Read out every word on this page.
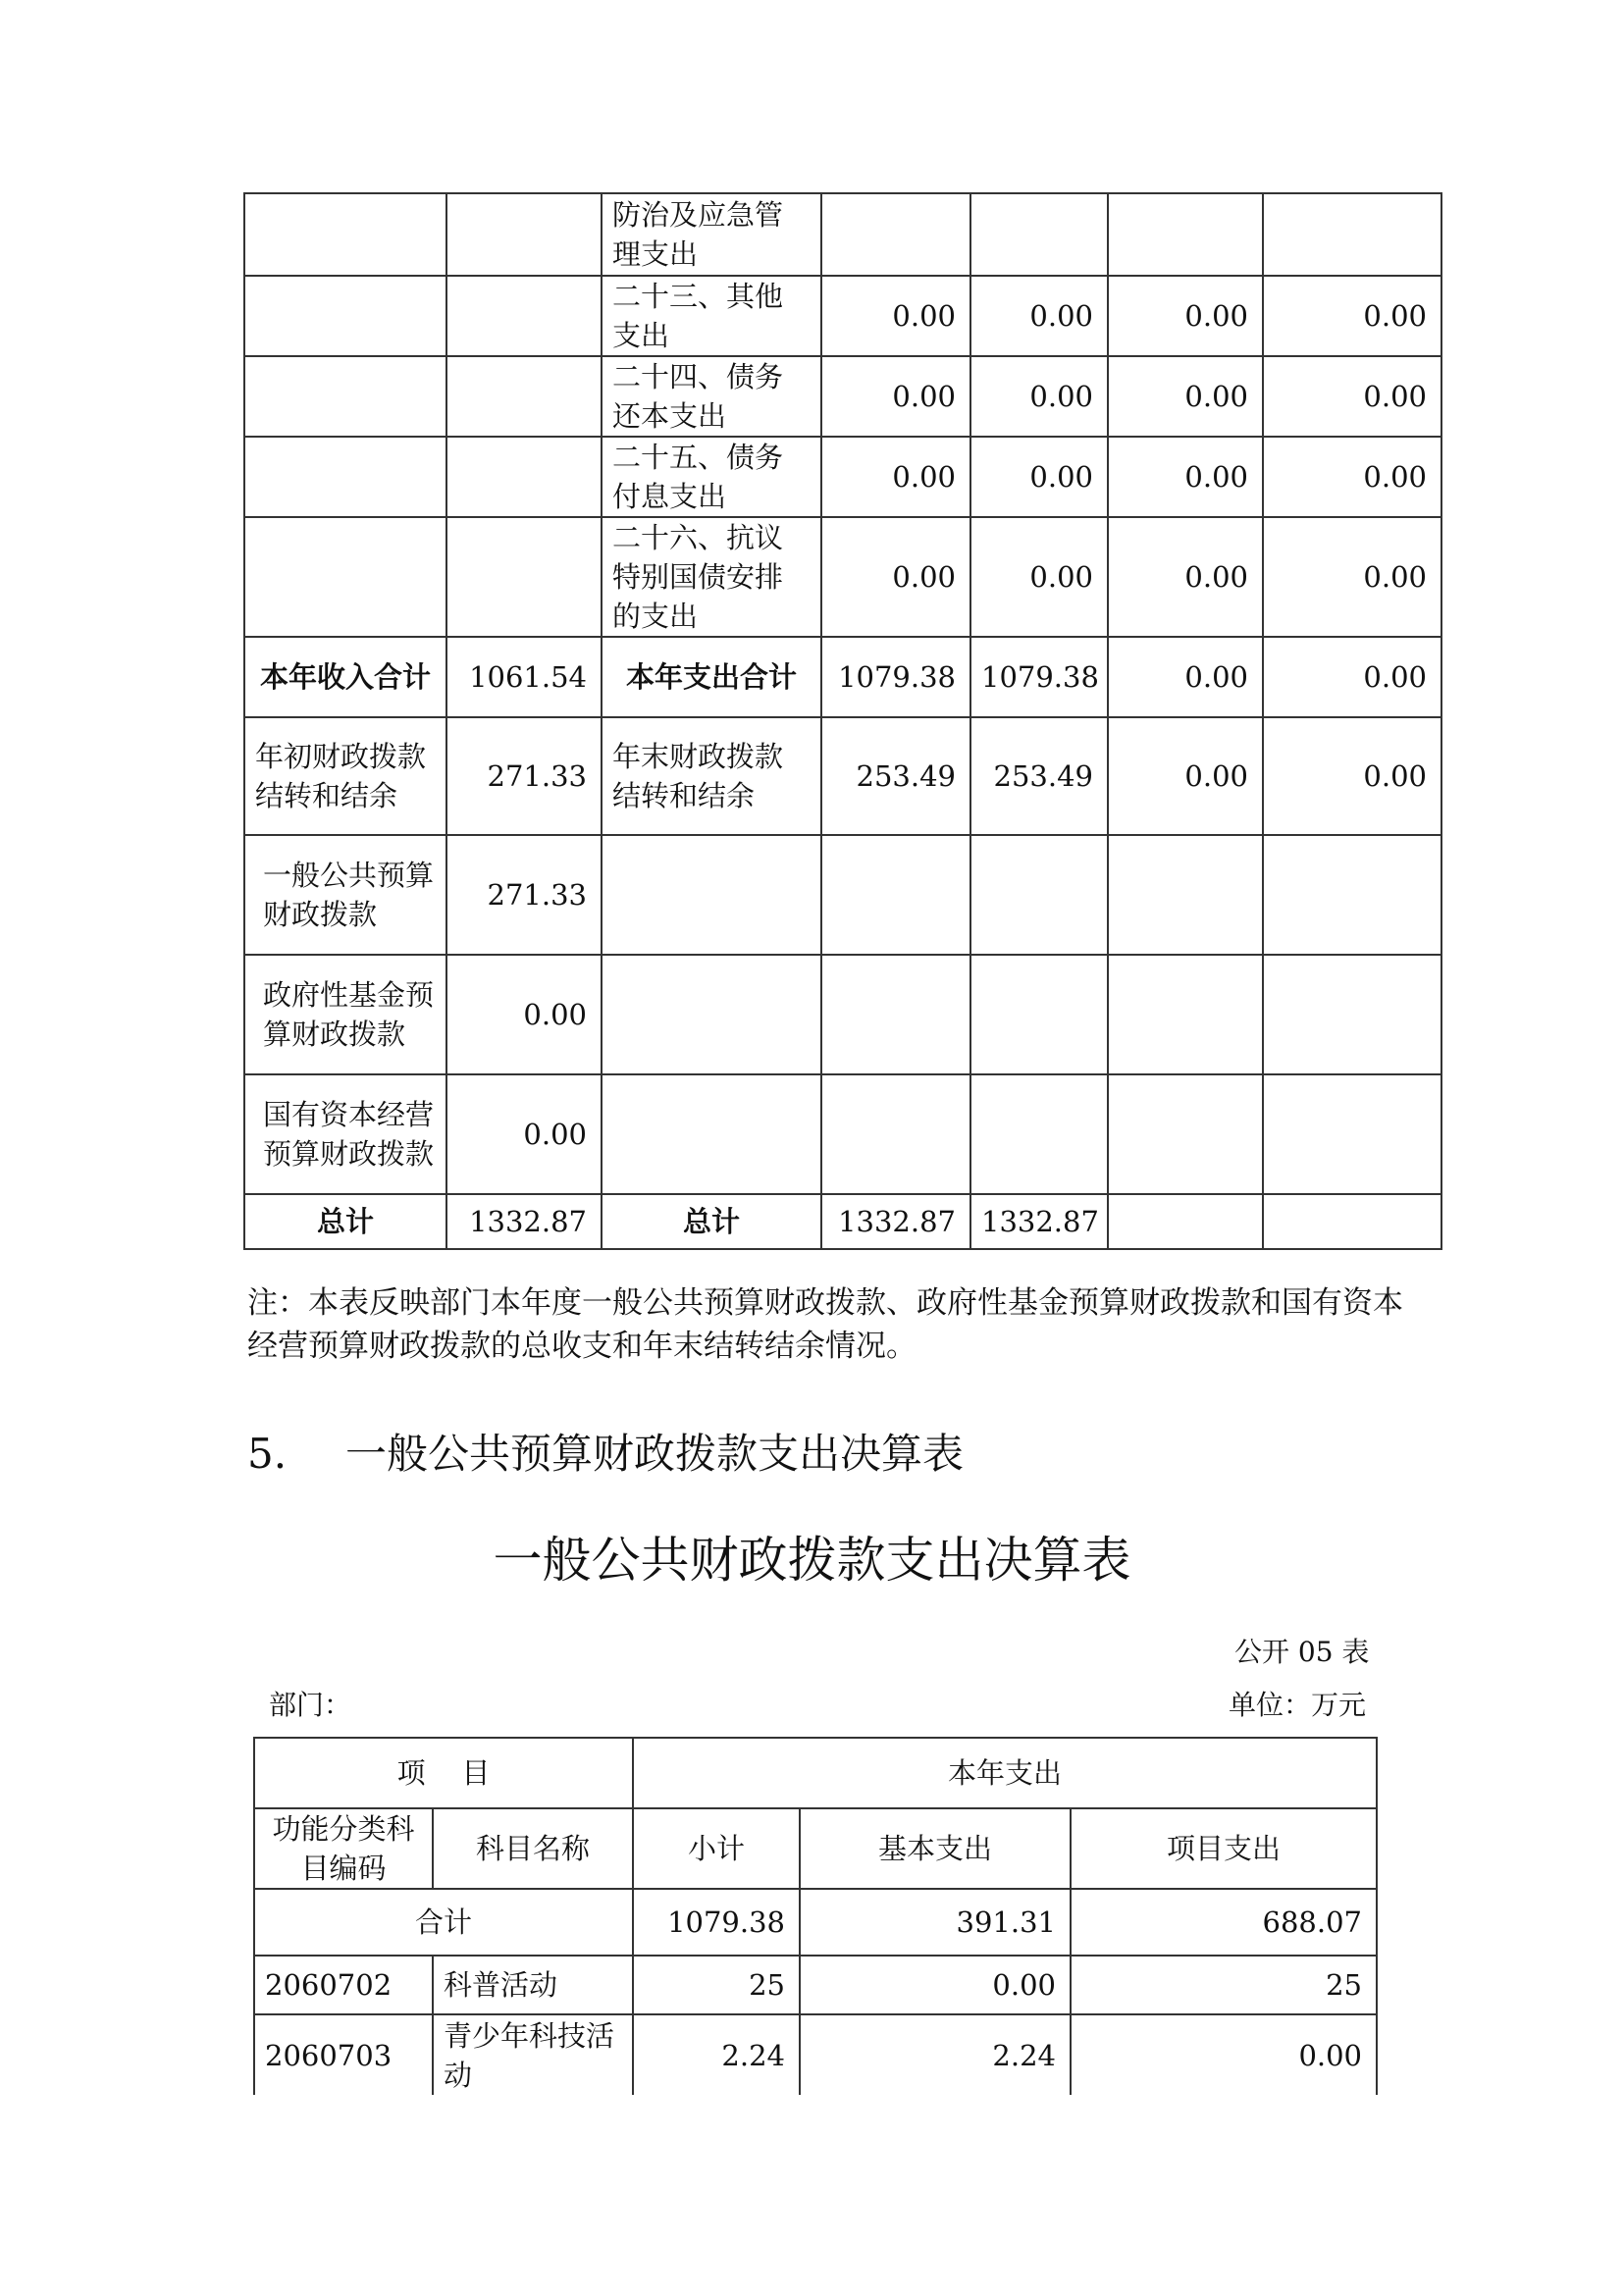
		防治及应急管理支出				
		二十三、其他支出	0.00	0.00	0.00	0.00
		二十四、债务还本支出	0.00	0.00	0.00	0.00
		二十五、债务付息支出	0.00	0.00	0.00	0.00
		二十六、抗议特别国债安排的支出	0.00	0.00	0.00	0.00
本年收入合计	1061.54	本年支出合计	1079.38	1079.38	0.00	0.00
年初财政拨款结转和结余	271.33	年末财政拨款结转和结余	253.49	253.49	0.00	0.00
一般公共预算财政拨款	271.33					
政府性基金预算财政拨款	0.00					
国有资本经营预算财政拨款	0.00					
总计	1332.87	总计	1332.87	1332.87		
注：本表反映部门本年度一般公共预算财政拨款、政府性基金预算财政拨款和国有资本经营预算财政拨款的总收支和年末结转结余情况。
5. 一般公共预算财政拨款支出决算表
一般公共财政拨款支出决算表
公开 05 表
部门：	单位：万元
项    目		本年支出		
功能分类科目编码	科目名称	小计	基本支出	项目支出
合计		1079.38	391.31	688.07
2060702	科普活动	25	0.00	25
2060703	青少年科技活动	2.24	2.24	0.00
